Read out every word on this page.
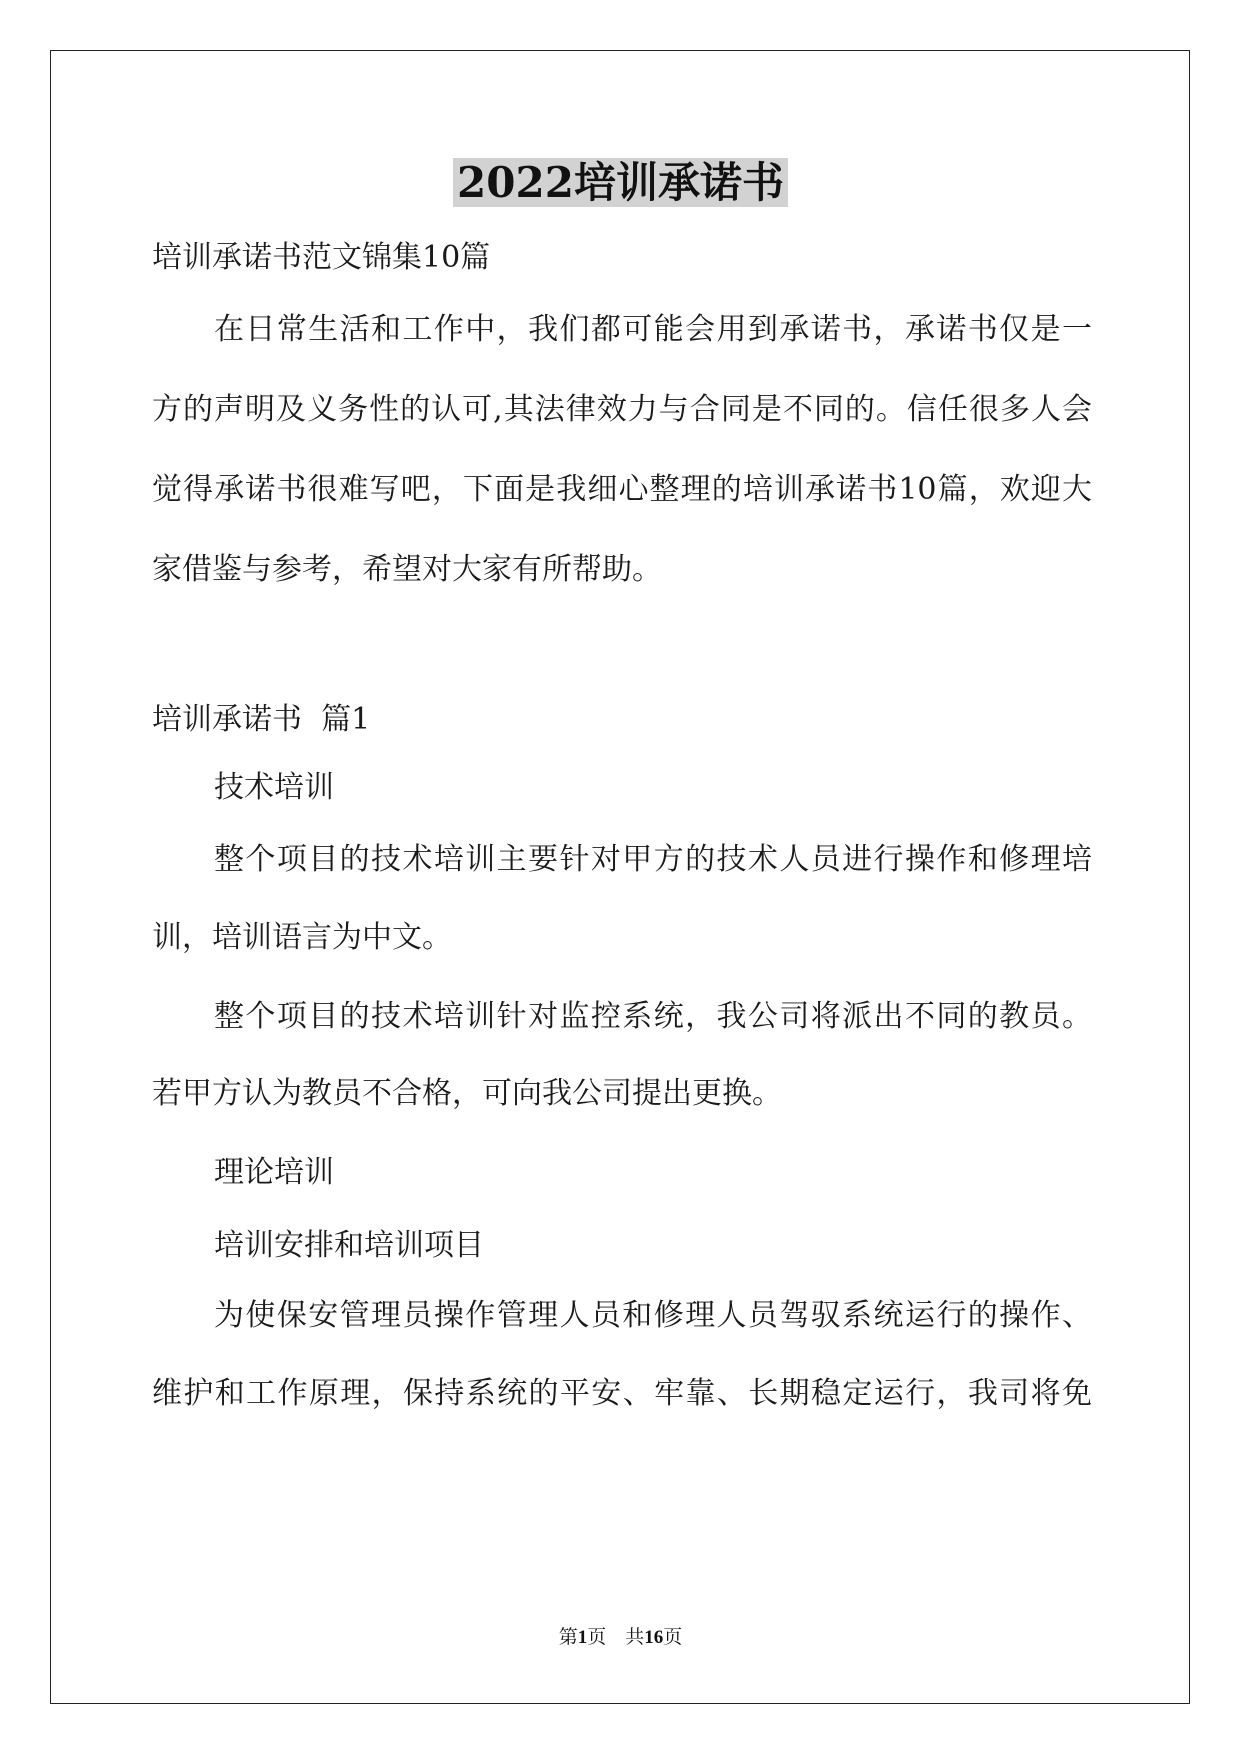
2022培训承诺书
培训承诺书范文锦集10篇
在日常生活和工作中，我们都可能会用到承诺书，承诺书仅是一
方的声明及义务性的认可,其法律效力与合同是不同的。信任很多人会
觉得承诺书很难写吧，下面是我细心整理的培训承诺书10篇，欢迎大
家借鉴与参考，希望对大家有所帮助。
培训承诺书  篇1
技术培训
整个项目的技术培训主要针对甲方的技术人员进行操作和修理培
训，培训语言为中文。
整个项目的技术培训针对监控系统，我公司将派出不同的教员。
若甲方认为教员不合格，可向我公司提出更换。
理论培训
培训安排和培训项目
为使保安管理员操作管理人员和修理人员驾驭系统运行的操作、
维护和工作原理，保持系统的平安、牢靠、长期稳定运行，我司将免
第1页 共16页
